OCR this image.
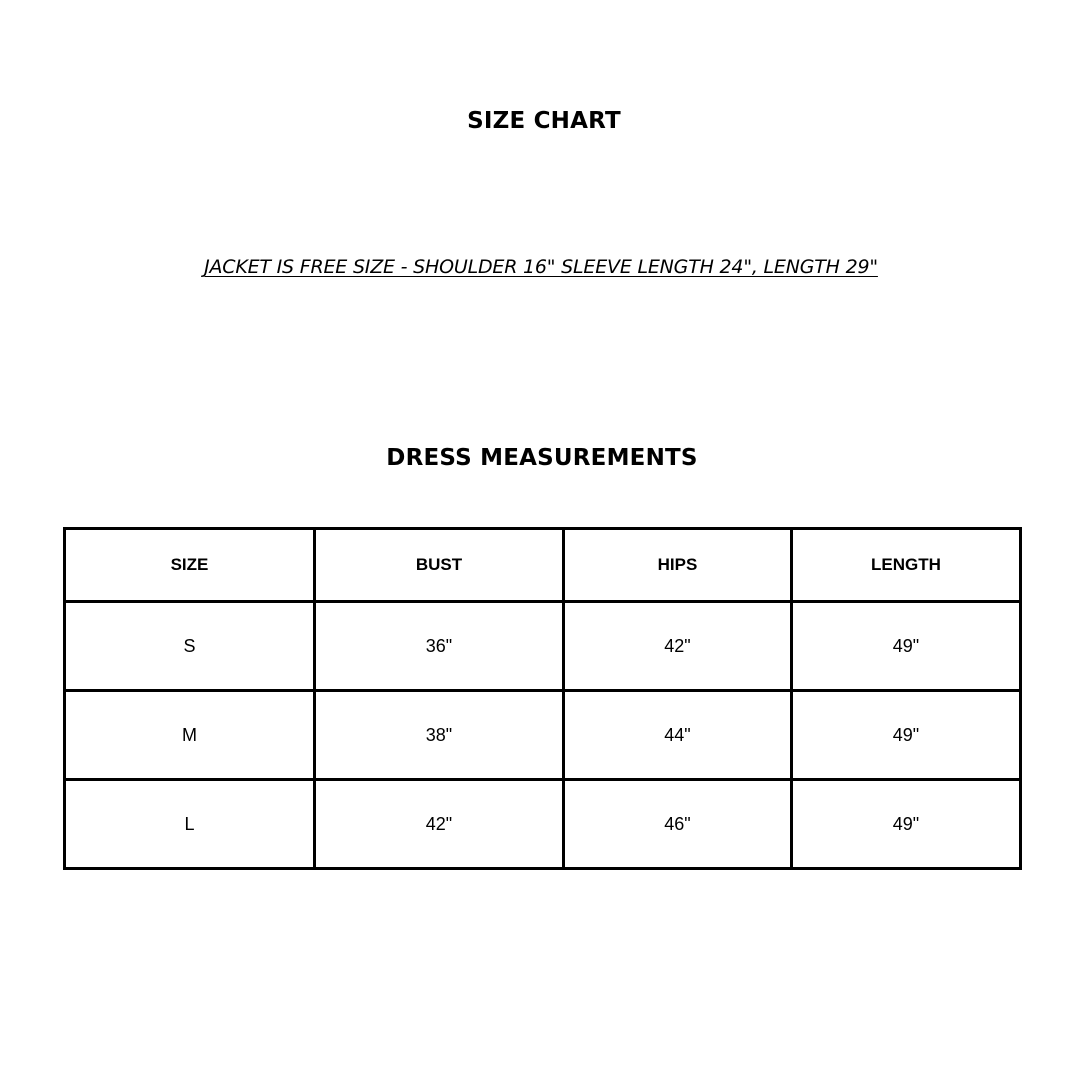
SIZE CHART
JACKET IS FREE SIZE - SHOULDER 16" SLEEVE LENGTH 24", LENGTH 29"
DRESS MEASUREMENTS
SIZE	BUST	HIPS	LENGTH
S	36"	42"	49"
M	38"	44"	49"
L	42"	46"	49"
